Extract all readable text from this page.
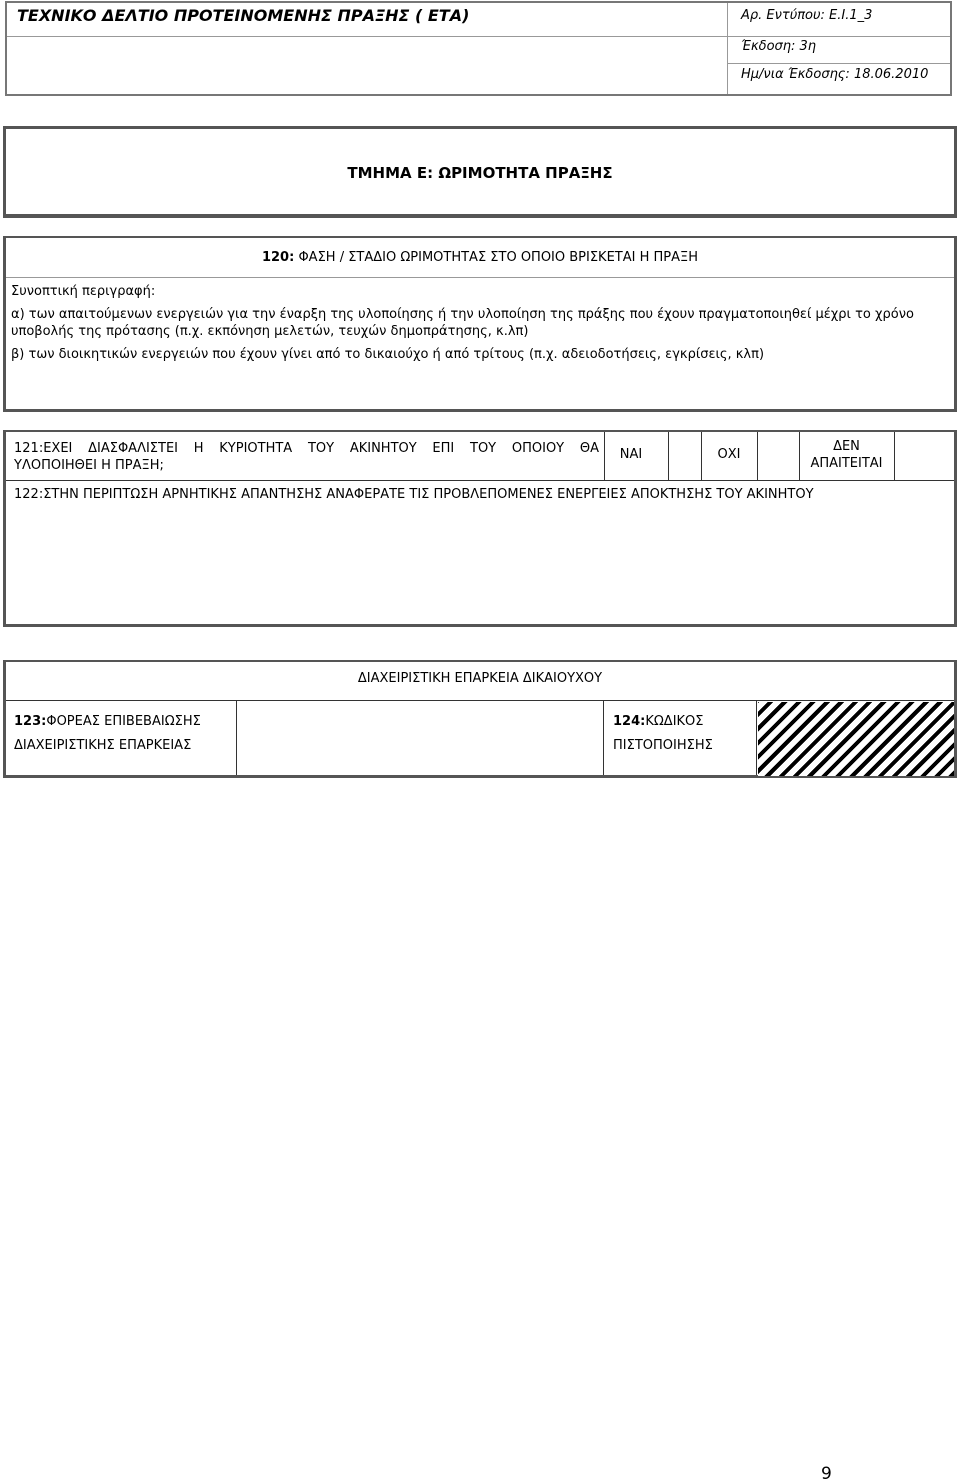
ΤΕΧΝΙΚΟ ΔΕΛΤΙΟ ΠΡΟΤΕΙΝΟΜΕΝΗΣ ΠΡΑΞΗΣ ( ΕΤΑ)	Αρ. Εντύπου: Ε.Ι.1_3
Έκδοση: 3η
Ημ/νια Έκδοσης: 18.06.2010
ΤΜΗΜΑ Ε: ΩΡΙΜΟΤΗΤΑ ΠΡΑΞΗΣ
120: ΦΑΣΗ / ΣΤΑΔΙΟ ΩΡΙΜΟΤΗΤΑΣ ΣΤΟ ΟΠΟΙΟ ΒΡΙΣΚΕΤΑΙ Η ΠΡΑΞΗ
Συνοπτική περιγραφή:
α) των απαιτούμενων ενεργειών για την έναρξη της υλοποίησης ή την υλοποίηση της πράξης που έχουν πραγματοποιηθεί μέχρι το χρόνο
υποβολής της πρότασης (π.χ. εκπόνηση μελετών, τευχών δημοπράτησης, κ.λπ)
β) των διοικητικών ενεργειών που έχουν γίνει από το δικαιούχο ή από τρίτους (π.χ. αδειοδοτήσεις, εγκρίσεις, κλπ)
121:ΕΧΕΙ ΔΙΑΣΦΑΛΙΣΤΕΙ Η ΚΥΡΙΟΤΗΤΑ ΤΟΥ ΑΚΙΝΗΤΟΥ ΕΠΙ ΤΟΥ ΟΠΟΙΟΥ ΘΑ
ΥΛΟΠΟΙΗΘΕΙ Η ΠΡΑΞΗ;
ΝΑΙ	ΟΧΙ
ΔΕΝ
ΑΠΑΙΤΕΙΤΑΙ
122:ΣΤΗΝ ΠΕΡΙΠΤΩΣΗ ΑΡΝΗΤΙΚΗΣ ΑΠΑΝΤΗΣΗΣ ΑΝΑΦΕΡΑΤΕ ΤΙΣ ΠΡΟΒΛΕΠΟΜΕΝΕΣ ΕΝΕΡΓΕΙΕΣ ΑΠΟΚΤΗΣΗΣ ΤΟΥ ΑΚΙΝΗΤΟΥ
ΔΙΑΧΕΙΡΙΣΤΙΚΗ ΕΠΑΡΚΕΙΑ ΔΙΚΑΙΟΥΧΟΥ
123:ΦΟΡΕΑΣ ΕΠΙΒΕΒΑΙΩΣΗΣ
ΔΙΑΧΕΙΡΙΣΤΙΚΗΣ ΕΠΑΡΚΕΙΑΣ
124:ΚΩΔΙΚΟΣ
ΠΙΣΤΟΠΟΙΗΣΗΣ
9
